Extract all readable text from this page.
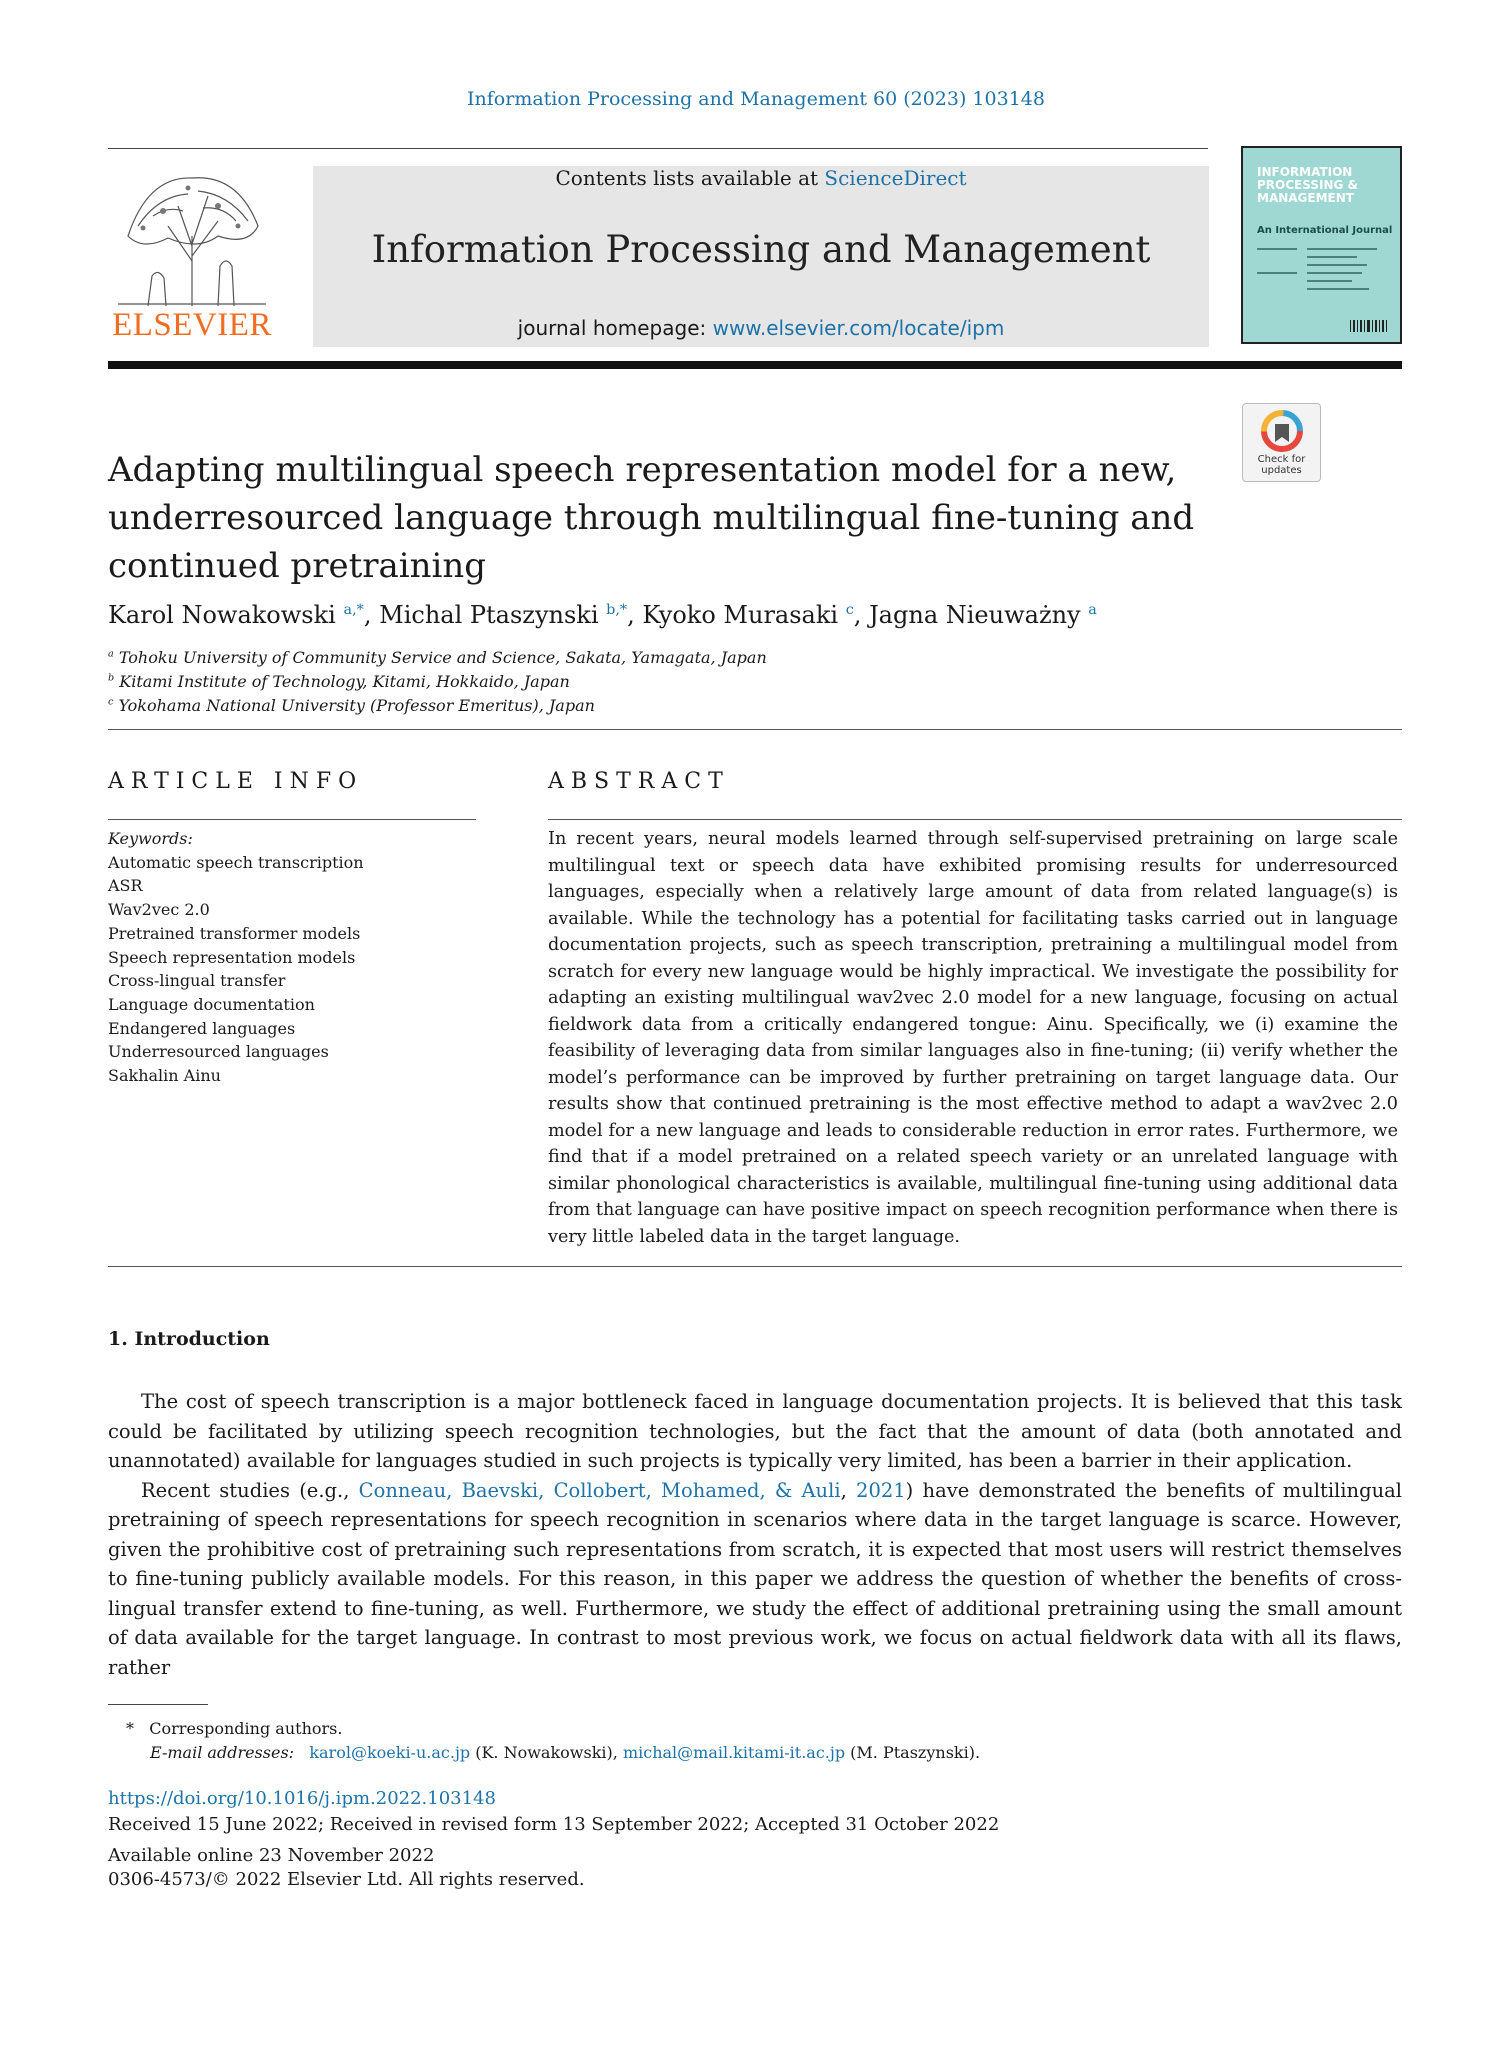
Information Processing and Management 60 (2023) 103148
ELSEVIER
Contents lists available at ScienceDirect
Information Processing and Management
journal homepage: www.elsevier.com/locate/ipm
INFORMATION PROCESSING & MANAGEMENT
An International Journal
Check for updates
Adapting multilingual speech representation model for a new, underresourced language through multilingual fine-tuning and continued pretraining
Karol Nowakowski $^{a,*}$, Michal Ptaszynski $^{b,*}$, Kyoko Murasaki $^c$, Jagna Nieuważny $^a$
$^a$ Tohoku University of Community Service and Science, Sakata, Yamagata, Japan
$^b$ Kitami Institute of Technology, Kitami, Hokkaido, Japan
$^c$ Yokohama National University (Professor Emeritus), Japan
ARTICLE INFO	ABSTRACT
Keywords:
Automatic speech transcription
ASR
Wav2vec 2.0
Pretrained transformer models
Speech representation models
Cross-lingual transfer
Language documentation
Endangered languages
Underresourced languages
Sakhalin Ainu
In recent years, neural models learned through self-supervised pretraining on large scale multilingual text or speech data have exhibited promising results for underresourced languages, especially when a relatively large amount of data from related language(s) is available. While the technology has a potential for facilitating tasks carried out in language documentation projects, such as speech transcription, pretraining a multilingual model from scratch for every new language would be highly impractical. We investigate the possibility for adapting an existing multilingual wav2vec 2.0 model for a new language, focusing on actual fieldwork data from a critically endangered tongue: Ainu. Specifically, we (i) examine the feasibility of leveraging data from similar languages also in fine-tuning; (ii) verify whether the model’s performance can be improved by further pretraining on target language data. Our results show that continued pretraining is the most effective method to adapt a wav2vec 2.0 model for a new language and leads to considerable reduction in error rates. Furthermore, we find that if a model pretrained on a related speech variety or an unrelated language with similar phonological characteristics is available, multilingual fine-tuning using additional data from that language can have positive impact on speech recognition performance when there is very little labeled data in the target language.
1. Introduction

The cost of speech transcription is a major bottleneck faced in language documentation projects. It is believed that this task could be facilitated by utilizing speech recognition technologies, but the fact that the amount of data (both annotated and unannotated) available for languages studied in such projects is typically very limited, has been a barrier in their application.

Recent studies (e.g., Conneau, Baevski, Collobert, Mohamed, & Auli, 2021) have demonstrated the benefits of multilingual pretraining of speech representations for speech recognition in scenarios where data in the target language is scarce. However, given the prohibitive cost of pretraining such representations from scratch, it is expected that most users will restrict themselves to fine-tuning publicly available models. For this reason, in this paper we address the question of whether the benefits of cross-lingual transfer extend to fine-tuning, as well. Furthermore, we study the effect of additional pretraining using the small amount of data available for the target language. In contrast to most previous work, we focus on actual fieldwork data with all its flaws, rather

* Corresponding authors.
E-mail addresses: karol@koeki-u.ac.jp (K. Nowakowski), michal@mail.kitami-it.ac.jp (M. Ptaszynski).
https://doi.org/10.1016/j.ipm.2022.103148
Received 15 June 2022; Received in revised form 13 September 2022; Accepted 31 October 2022
Available online 23 November 2022
0306-4573/© 2022 Elsevier Ltd. All rights reserved.
